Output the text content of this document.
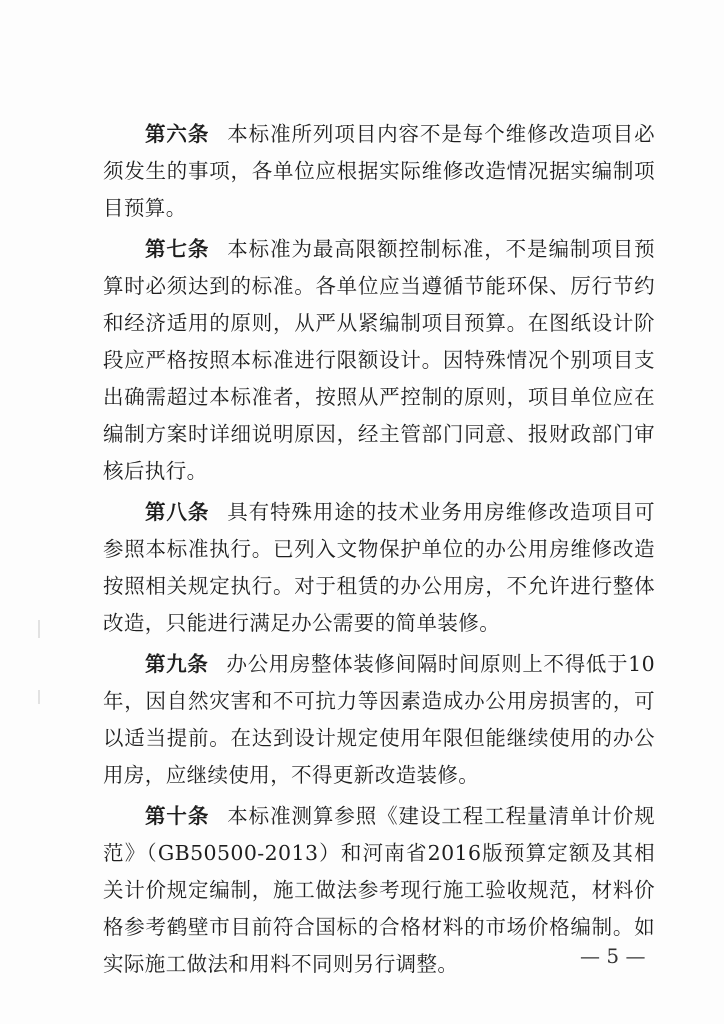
第六条 本标准所列项目内容不是每个维修改造项目必须发生的事项，各单位应根据实际维修改造情况据实编制项目预算。

第七条 本标准为最高限额控制标准，不是编制项目预算时必须达到的标准。各单位应当遵循节能环保、厉行节约和经济适用的原则，从严从紧编制项目预算。在图纸设计阶段应严格按照本标准进行限额设计。因特殊情况个别项目支出确需超过本标准者，按照从严控制的原则，项目单位应在编制方案时详细说明原因，经主管部门同意、报财政部门审核后执行。

第八条 具有特殊用途的技术业务用房维修改造项目可参照本标准执行。已列入文物保护单位的办公用房维修改造按照相关规定执行。对于租赁的办公用房，不允许进行整体改造，只能进行满足办公需要的简单装修。

第九条 办公用房整体装修间隔时间原则上不得低于10年，因自然灾害和不可抗力等因素造成办公用房损害的，可以适当提前。在达到设计规定使用年限但能继续使用的办公用房，应继续使用，不得更新改造装修。

第十条 本标准测算参照《建设工程工程量清单计价规范》（GB50500-2013）和河南省2016版预算定额及其相关计价规定编制，施工做法参考现行施工验收规范，材料价格参考鹤壁市目前符合国标的合格材料的市场价格编制。如实际施工做法和用料不同则另行调整。	— 5 —
